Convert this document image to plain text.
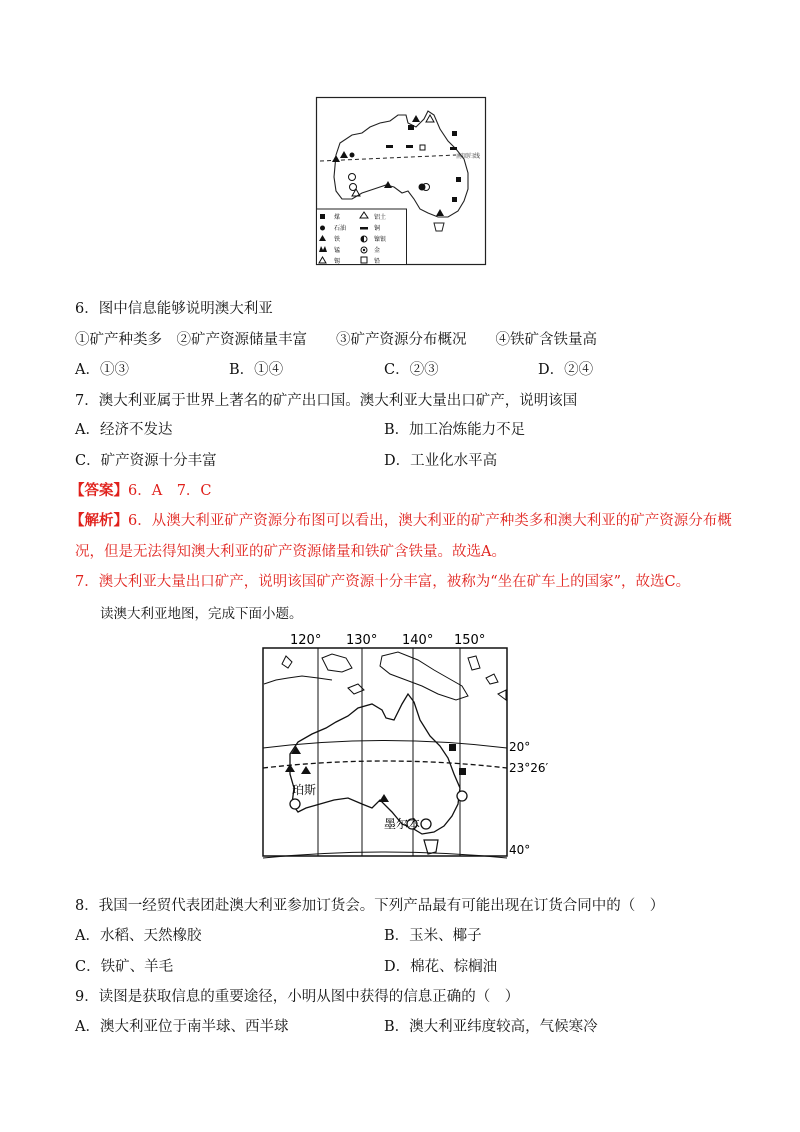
南回归线
煤
石油
铁
锰
锡
铝土
铜
镍银
金
铅
6．图中信息能够说明澳大利亚
①矿产种类多　②矿产资源储量丰富　　③矿产资源分布概况　　④铁矿含铁量高
A．①③	B．①④	C．②③	D．②④
7．澳大利亚属于世界上著名的矿产出口国。澳大利亚大量出口矿产，说明该国
A．经济不发达	B．加工冶炼能力不足
C．矿产资源十分丰富	D．工业化水平高
【答案】6．A　7．C
【解析】6．从澳大利亚矿产资源分布图可以看出，澳大利亚的矿产种类多和澳大利亚的矿产资源分布概
况，但是无法得知澳大利亚的矿产资源储量和铁矿含铁量。故选A。
7．澳大利亚大量出口矿产，说明该国矿产资源十分丰富，被称为“坐在矿车上的国家”，故选C。
读澳大利亚地图，完成下面小题。
120° 130° 140° 150°
珀斯
墨尔本
20°
23°26′
40°
8．我国一经贸代表团赴澳大利亚参加订货会。下列产品最有可能出现在订货合同中的（　）
A．水稻、天然橡胶	B．玉米、椰子
C．铁矿、羊毛	D．棉花、棕榈油
9．读图是获取信息的重要途径，小明从图中获得的信息正确的（　）
A．澳大利亚位于南半球、西半球	B．澳大利亚纬度较高，气候寒冷
